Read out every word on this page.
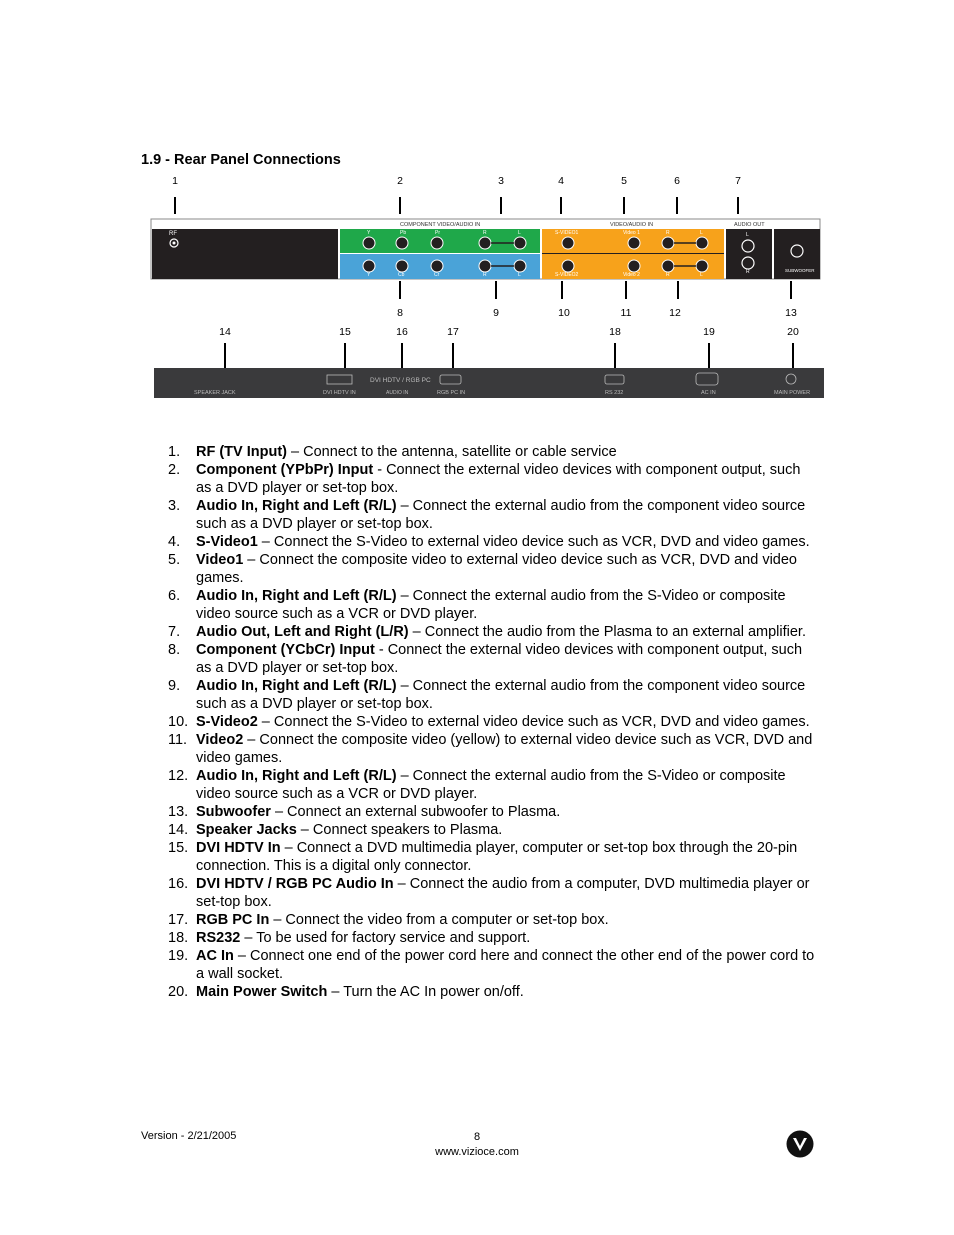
1.9 - Rear Panel Connections
1	2	3	4	5	6	7
RF
COMPONENT VIDEO/AUDIO IN
Y	Pb	Pr	R	L
Y	Cb	Cr	R	L
VIDEO/AUDIO IN
S-VIDEO1	Video 1	R	L
S-VIDEO2	Video 2	R	L
AUDIO OUT
L
R	SUBWOOFER
8	9	10	11	12	13
14	15	16	17	18	19	20
SPEAKER JACK	DVI HDTV IN
DVI HDTV / RGB PC
AUDIO IN	RGB PC IN	RS 232	AC IN	MAIN POWER
1. RF (TV Input) – Connect to the antenna, satellite or cable service
2. Component (YPbPr) Input - Connect the external video devices with component output, such as a DVD player or set-top box.
3. Audio In, Right and Left (R/L) – Connect the external audio from the component video source such as a DVD player or set-top box.
4. S-Video1 – Connect the S-Video to external video device such as VCR, DVD and video games.
5. Video1 – Connect the composite video to external video device such as VCR, DVD and video games.
6. Audio In, Right and Left (R/L) – Connect the external audio from the S-Video or composite video source such as a VCR or DVD player.
7. Audio Out, Left and Right (L/R) – Connect the audio from the Plasma to an external amplifier.
8. Component (YCbCr) Input - Connect the external video devices with component output, such as a DVD player or set-top box.
9. Audio In, Right and Left (R/L) – Connect the external audio from the component video source such as a DVD player or set-top box.
10. S-Video2 – Connect the S-Video to external video device such as VCR, DVD and video games.
11. Video2 – Connect the composite video (yellow) to external video device such as VCR, DVD and video games.
12. Audio In, Right and Left (R/L) – Connect the external audio from the S-Video or composite video source such as a VCR or DVD player.
13. Subwoofer – Connect an external subwoofer to Plasma.
14. Speaker Jacks – Connect speakers to Plasma.
15. DVI HDTV In – Connect a DVD multimedia player, computer or set-top box through the 20-pin connection. This is a digital only connector.
16. DVI HDTV / RGB PC Audio In – Connect the audio from a computer, DVD multimedia player or set-top box.
17. RGB PC In – Connect the video from a computer or set-top box.
18. RS232 – To be used for factory service and support.
19. AC In – Connect one end of the power cord here and connect the other end of the power cord to a wall socket.
20. Main Power Switch – Turn the AC In power on/off.
Version - 2/21/2005	8
www.vizioce.com
